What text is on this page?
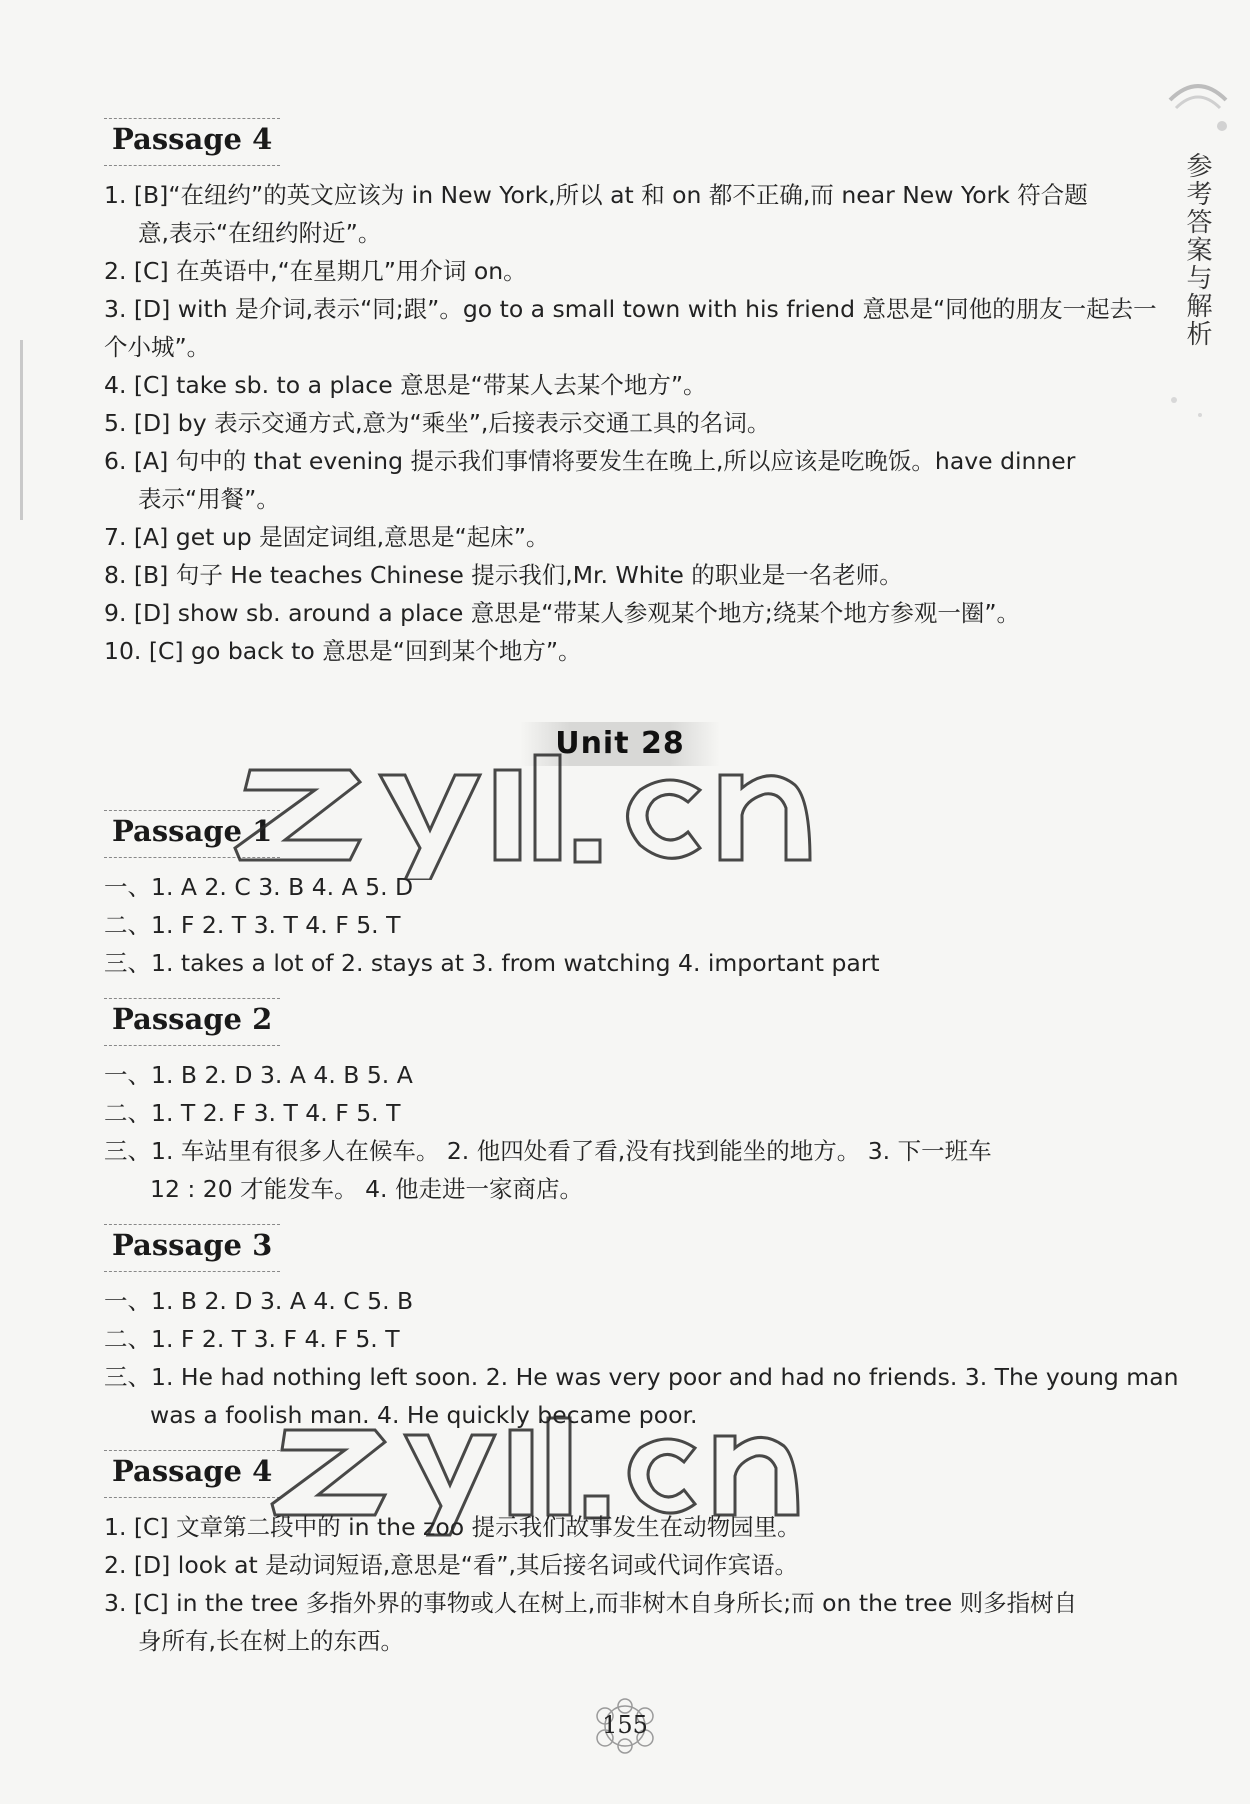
参考答案与解析
Passage 4
1. [B]“在纽约”的英文应该为 in New York,所以 at 和 on 都不正确,而 near New York 符合题
意,表示“在纽约附近”。
2. [C] 在英语中,“在星期几”用介词 on。
3. [D] with 是介词,表示“同;跟”。go to a small town with his friend 意思是“同他的朋友一起去一
个小城”。
4. [C] take sb. to a place 意思是“带某人去某个地方”。
5. [D] by 表示交通方式,意为“乘坐”,后接表示交通工具的名词。
6. [A] 句中的 that evening 提示我们事情将要发生在晚上,所以应该是吃晚饭。have dinner
表示“用餐”。
7. [A] get up 是固定词组,意思是“起床”。
8. [B] 句子 He teaches Chinese 提示我们,Mr. White 的职业是一名老师。
9. [D] show sb. around a place 意思是“带某人参观某个地方;绕某个地方参观一圈”。
10. [C] go back to 意思是“回到某个地方”。
Unit 28
Passage 1
一、1. A 2. C 3. B 4. A 5. D
二、1. F 2. T 3. T 4. F 5. T
三、1. takes a lot of 2. stays at 3. from watching 4. important part
Passage 2
一、1. B 2. D 3. A 4. B 5. A
二、1. T 2. F 3. T 4. F 5. T
三、1. 车站里有很多人在候车。 2. 他四处看了看,没有找到能坐的地方。 3. 下一班车
12 : 20 才能发车。 4. 他走进一家商店。
Passage 3
一、1. B 2. D 3. A 4. C 5. B
二、1. F 2. T 3. F 4. F 5. T
三、1. He had nothing left soon. 2. He was very poor and had no friends. 3. The young man
was a foolish man. 4. He quickly became poor.
Passage 4
1. [C] 文章第二段中的 in the zoo 提示我们故事发生在动物园里。
2. [D] look at 是动词短语,意思是“看”,其后接名词或代词作宾语。
3. [C] in the tree 多指外界的事物或人在树上,而非树木自身所长;而 on the tree 则多指树自
身所有,长在树上的东西。
155
